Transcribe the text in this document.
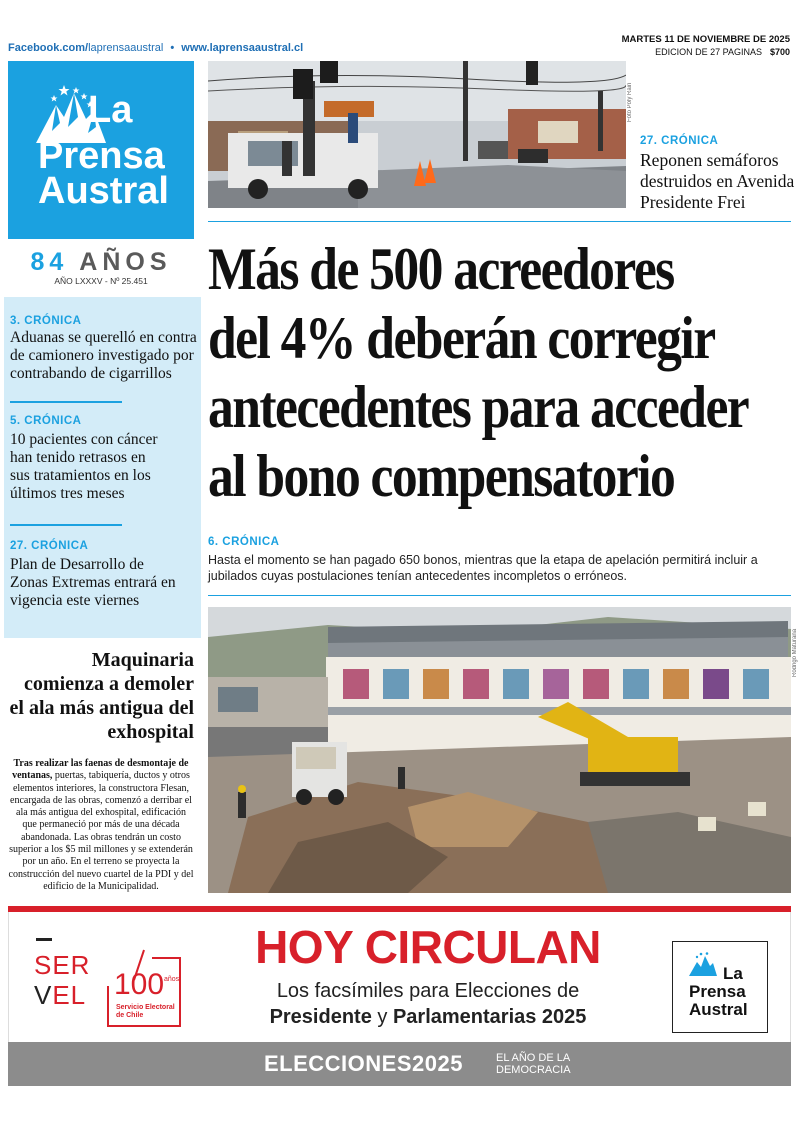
Facebook.com/laprensaaustral • www.laprensaaustral.cl
MARTES 11 DE NOVIEMBRE DE 2025
EDICION DE 27 PAGINAS $700
La
Prensa
Austral
84 AÑOS
AÑO LXXXV - Nº 25.451
3. CRÓNICA
Aduanas se querelló en contra de camionero investigado por contrabando de cigarrillos
5. CRÓNICA
10 pacientes con cáncer han tenido retrasos en sus tratamientos en los últimos tres meses
27. CRÓNICA
Plan de Desarrollo de Zonas Extremas entrará en vigencia este viernes
Foto Poly Rain
27. CRÓNICA
Reponen semáforos destruidos en Avenida Presidente Frei
Más de 500 acreedores
del 4% deberán corregir
antecedentes para acceder
al bono compensatorio
6. CRÓNICA
Hasta el momento se han pagado 650 bonos, mientras que la etapa de apelación permitirá incluir a jubilados cuyas postulaciones tenían antecedentes incompletos o erróneos.
Rodrigo Maturana
Maquinaria comienza a demoler el ala más antigua del exhospital
Tras realizar las faenas de desmontaje de ventanas, puertas, tabiquería, ductos y otros elementos interiores, la constructora Flesan, encargada de las obras, comenzó a derribar el ala más antigua del exhospital, edificación que permaneció por más de una década abandonada. Las obras tendrán un costo superior a los $5 mil millones y se extenderán por un año. En el terreno se proyecta la construcción del nuevo cuartel de la PDI y del edificio de la Municipalidad.
SER
VEL 100 años
Servicio Electoral
de Chile
HOY CIRCULAN
Los facsímiles para Elecciones de
Presidente y Parlamentarias 2025
La
Prensa
Austral
ELECCIONES2025	EL AÑO DE LA
DEMOCRACIA
